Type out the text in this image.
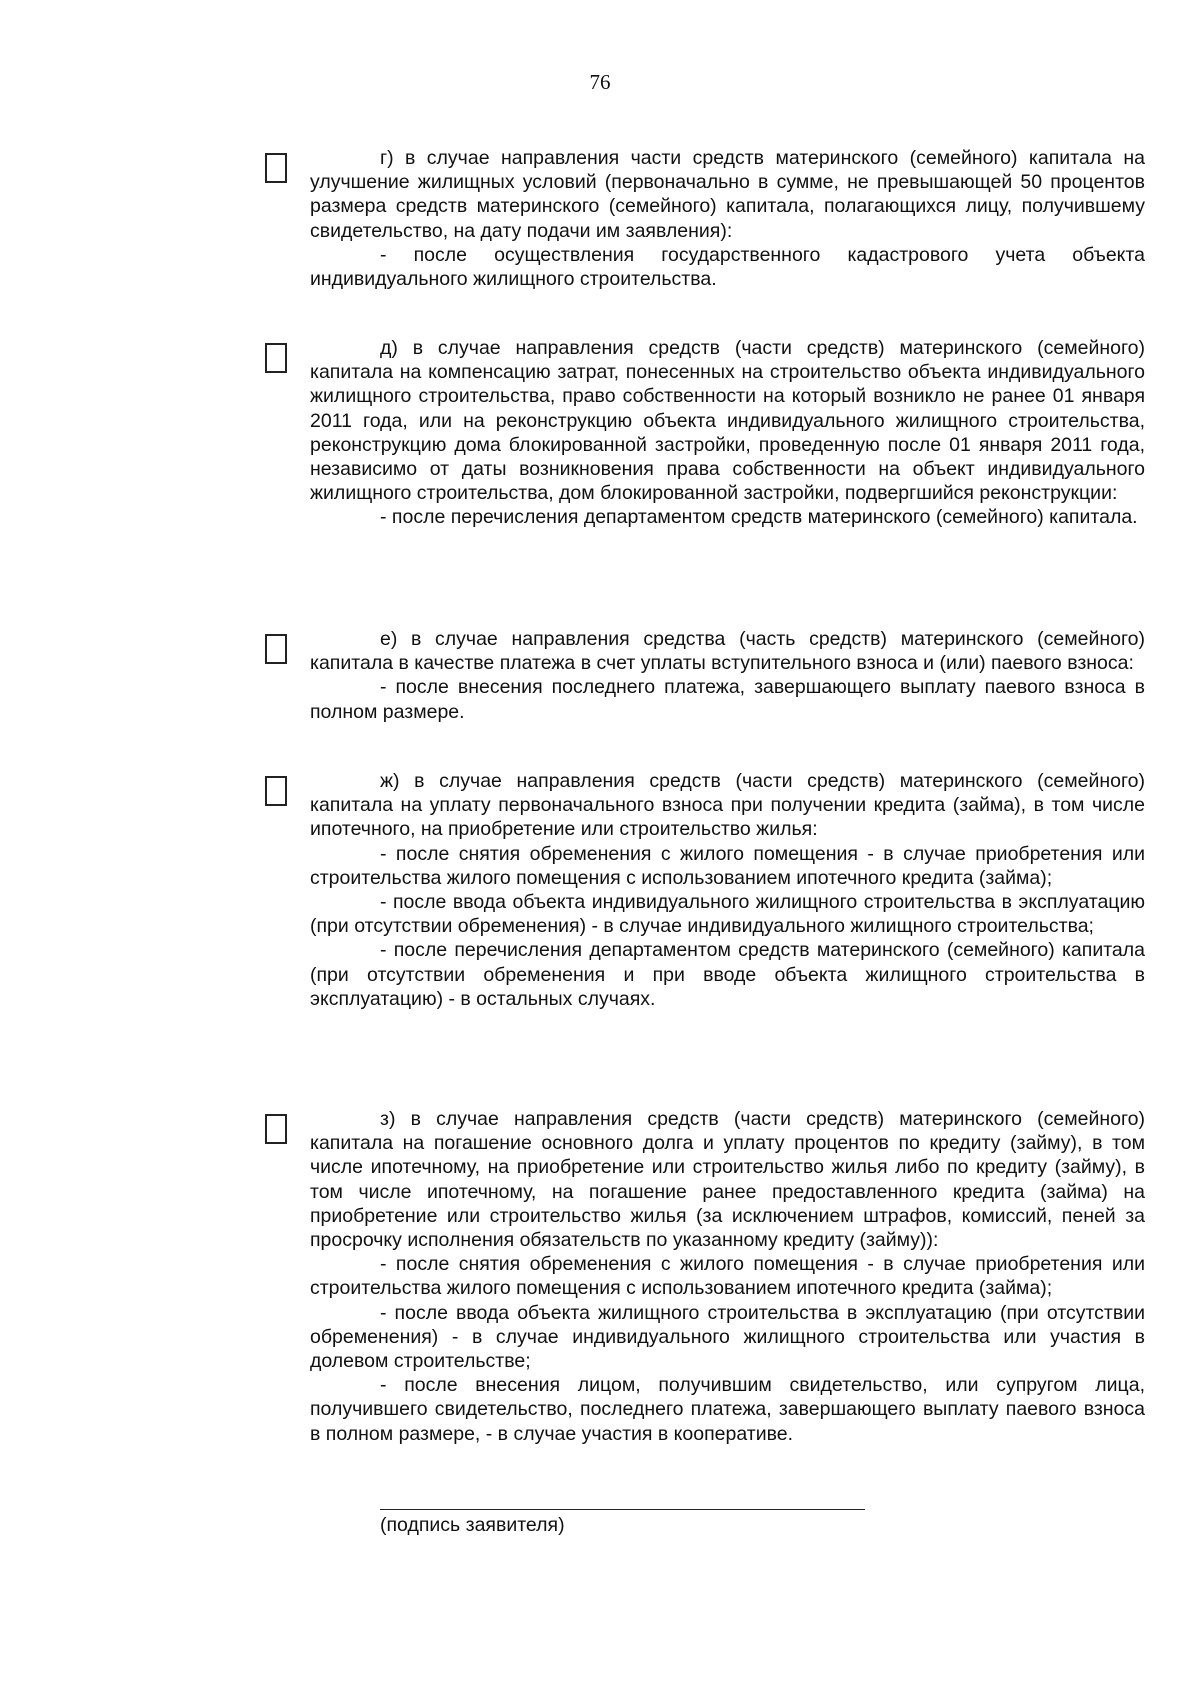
76

г) в случае направления части средств материнского (семейного) капитала на улучшение жилищных условий (первоначально в сумме, не превышающей 50 процентов размера средств материнского (семейного) капитала, полагающихся лицу, получившему свидетельство, на дату подачи им заявления):

- после осуществления государственного кадастрового учета объекта индивидуального жилищного строительства.

д) в случае направления средств (части средств) материнского (семейного) капитала на компенсацию затрат, понесенных на строительство объекта индивидуального жилищного строительства, право собственности на который возникло не ранее 01 января 2011 года, или на реконструкцию объекта индивидуального жилищного строительства, реконструкцию дома блокированной застройки, проведенную после 01 января 2011 года, независимо от даты возникновения права собственности на объект индивидуального жилищного строительства, дом блокированной застройки, подвергшийся реконструкции:

- после перечисления департаментом средств материнского (семейного) капитала.

е) в случае направления средства (часть средств) материнского (семейного) капитала в качестве платежа в счет уплаты вступительного взноса и (или) паевого взноса:

- после внесения последнего платежа, завершающего выплату паевого взноса в полном размере.

ж) в случае направления средств (части средств) материнского (семейного) капитала на уплату первоначального взноса при получении кредита (займа), в том числе ипотечного, на приобретение или строительство жилья:

- после снятия обременения с жилого помещения - в случае приобретения или строительства жилого помещения с использованием ипотечного кредита (займа);

- после ввода объекта индивидуального жилищного строительства в эксплуатацию (при отсутствии обременения) - в случае индивидуального жилищного строительства;

- после перечисления департаментом средств материнского (семейного) капитала (при отсутствии обременения и при вводе объекта жилищного строительства в эксплуатацию) - в остальных случаях.

з) в случае направления средств (части средств) материнского (семейного) капитала на погашение основного долга и уплату процентов по кредиту (займу), в том числе ипотечному, на приобретение или строительство жилья либо по кредиту (займу), в том числе ипотечному, на погашение ранее предоставленного кредита (займа) на приобретение или строительство жилья (за исключением штрафов, комиссий, пеней за просрочку исполнения обязательств по указанному кредиту (займу)):

- после снятия обременения с жилого помещения - в случае приобретения или строительства жилого помещения с использованием ипотечного кредита (займа);

- после ввода объекта жилищного строительства в эксплуатацию (при отсутствии обременения) - в случае индивидуального жилищного строительства или участия в долевом строительстве;

- после внесения лицом, получившим свидетельство, или супругом лица, получившего свидетельство, последнего платежа, завершающего выплату паевого взноса в полном размере, - в случае участия в кооперативе.

(подпись заявителя)
